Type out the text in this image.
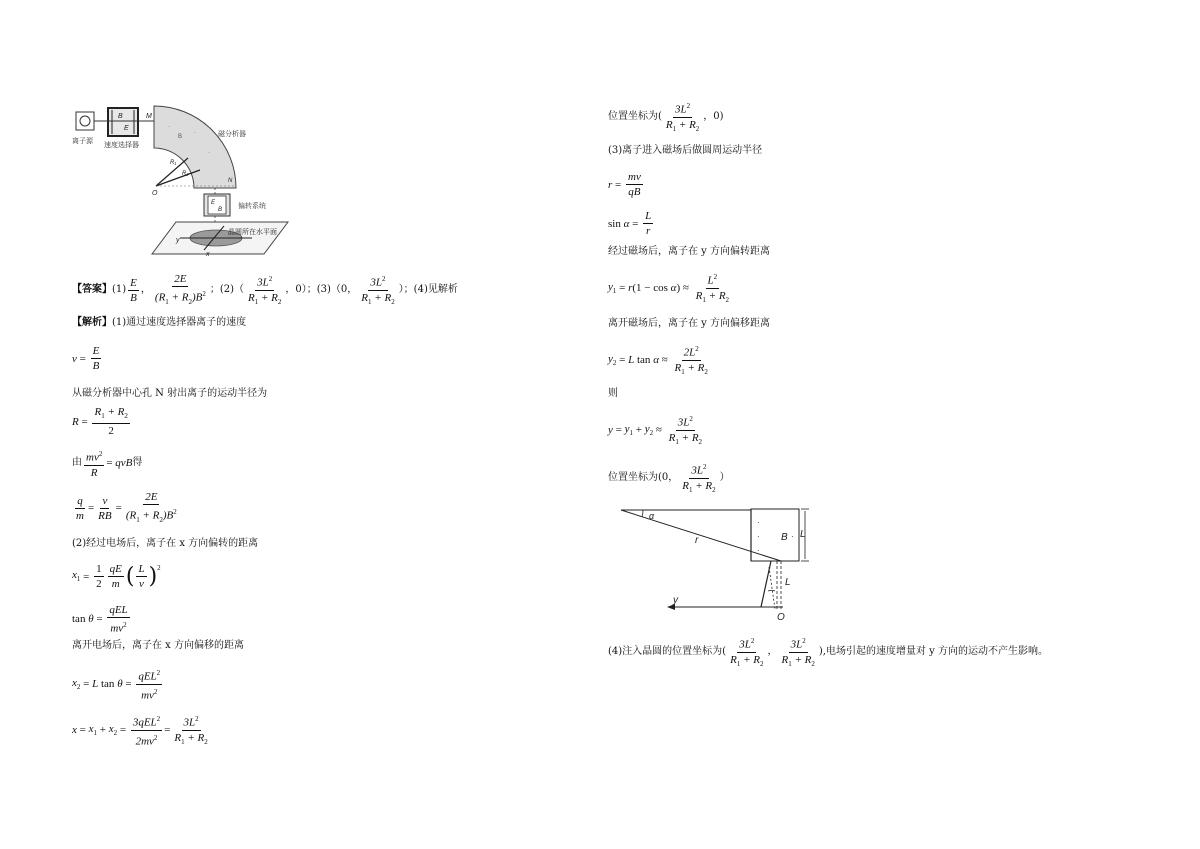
离子源
B
E
速度选择器
M
B
·
·
·
磁分析器
R₁
R₂
O
N
E
B 偏转系统
y
x
晶圆所在水平面
【答案】 $(1) \frac{E}{B}$ ， $\frac{2E}{(R_1 + R_2)B^2}$ ；$(2)( \frac{3L^2}{R_1 + R_2}$ ，0）；(3)（0， $\frac{3L^2}{R_1 + R_2}$ ）；(4)见解析
【解析】(1)通过速度选择器离子的速度
$v = \frac{E}{B}$
从磁分析器中心孔 N 射出离子的运动半径为
$R = \frac{R_1 + R_2}{2}$
由 $\frac{mv^2}{R}$ = qvB 得
$\frac{q}{m} = \frac{v}{RB} = \frac{2E}{(R_1 + R_2)B^2}$
(2)经过电场后，离子在 x 方向偏转的距离
$x_1 = \frac{1}{2} \frac{qE}{m}$ ( $\frac{L}{v} )^2$
tan
$\theta = \frac{\text{qEL}}{mv^2}$
离开电场后，离子在 x 方向偏移的距离
$x_2 = L$
tan
$\theta = \frac{qEL^2}{mv^2}$
$x = x_1 + x_2 = \frac{3qEL^2}{2mv^2} = \frac{3L^2}{R_1 + R_2}$
位置坐标为( $\frac{3L^2}{R_1 + R_2}$ ，0)
(3)离子进入磁场后做圆周运动半径
$r = \frac{mv}{qB}$
sin
$\alpha = \frac{L}{r}$
经过磁场后，离子在 y 方向偏转距离
$y_1 = r$ (1 − cos
α ) ≈ $\frac{L^2}{R_1 + R_2}$
离开磁场后，离子在 y 方向偏移距离
$y_2 = L$
tan
$\alpha \approx \frac{2L^2}{R_1 + R_2}$
则
$y = y_1 + y_2 \approx \frac{3L^2}{R_1 + R_2}$
位置坐标为(0， $\frac{3L^2}{R_1 + R_2}$ ）
·
·
·
·
B L
α
r
L
y
O
(4)注入晶圆的位置坐标为( $\frac{3L^2}{R_1 + R_2}$ ， $\frac{3L^2}{R_1 + R_2}$ ),电场引起的速度增量对 y 方向的运动不产生影响。
